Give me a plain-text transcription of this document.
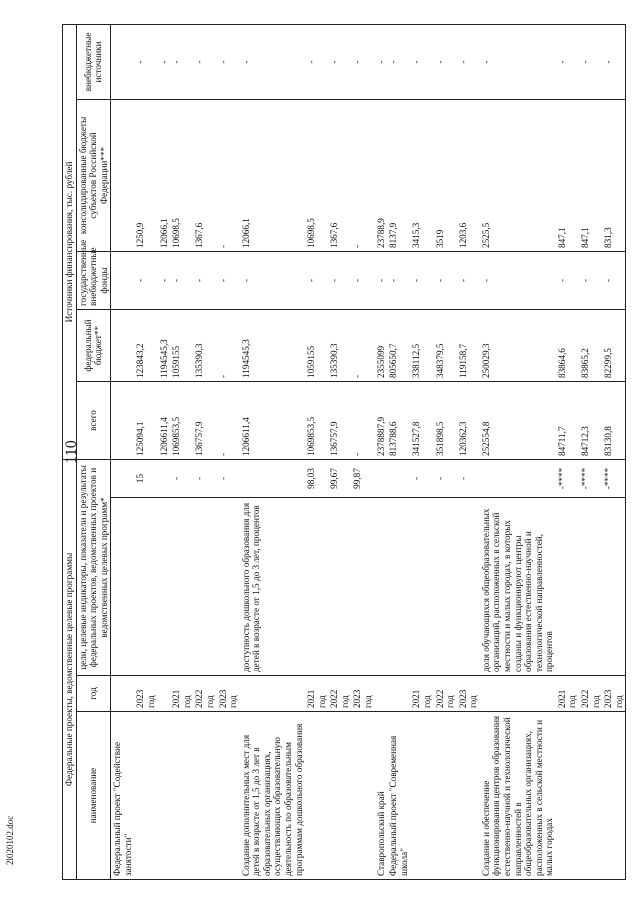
110
2l020102.doc
Федеральные проекты, ведомственные целевые программы				Источники финансирования, тыс. рублей				
наименование	год	цели, целевые индикаторы, показатели и результаты федеральных проектов, ведомственных проектов и ведомственных целевых программ*		всего	федеральный бюджет**	государственные внебюджетные фонды	консолидированные бюджеты субъектов Российской Федерации***	внебюджетные источники
Федеральный проект "Содействие занятости"								
	2023 год		15	125094,1	123843,2	-	1250,9	-
				1206611,4	1194545,3	-	12066,1	-
	2021 год		-	1069853,5	1059155	-	10698,5	-
	2022 год		-	136757,9	135390,3	-	1367,6	-
	2023 год		-	-	-	-	-	-
Создание дополнительных мест для детей в возрасте от 1,5 до 3 лет в образовательных организациях, осуществляющих образовательную деятельность по образовательным программам дошкольного образования		доступность дошкольного образования для детей в возрасте от 1,5 до 3 лет, процентов		1206611,4	1194545,3	-	12066,1	-
	2021 год		98,03	1069853,5	1059155	-	10698,5	-
	2022 год		99,67	136757,9	135390,3	-	1367,6	-
	2023 год		99,87	-	-	-	-	-
Ставропольский край				2378887,9	2355099	-	23788,9	-
Федеральный проект "Современная школа"				813788,6	805650,7	-	8137,9	-
	2021 год		-	341527,8	338112,5	-	3415,3	-
	2022 год		-	351898,5	348379,5	-	3519	-
	2023 год		-	120362,3	119158,7	-	1203,6	-
Создание и обеспечение функционирования центров образования естественно-научной и технологической направленностей в общеобразовательных организациях, расположенных в сельской местности и малых городах		доля обучающихся общеобразовательных организаций, расположенных в сельской местности и малых городах, в которых созданы и функционируют центры образования естественно-научной и технологической направленностей, процентов		252554,8	250029,3	-	2525,5	-
	2021 год		-****	84711,7	83864,6	-	847,1	-
	2022 год		-****	84712,3	83865,2	-	847,1	-
	2023 год		-****	83130,8	82299,5	-	831,3	-
